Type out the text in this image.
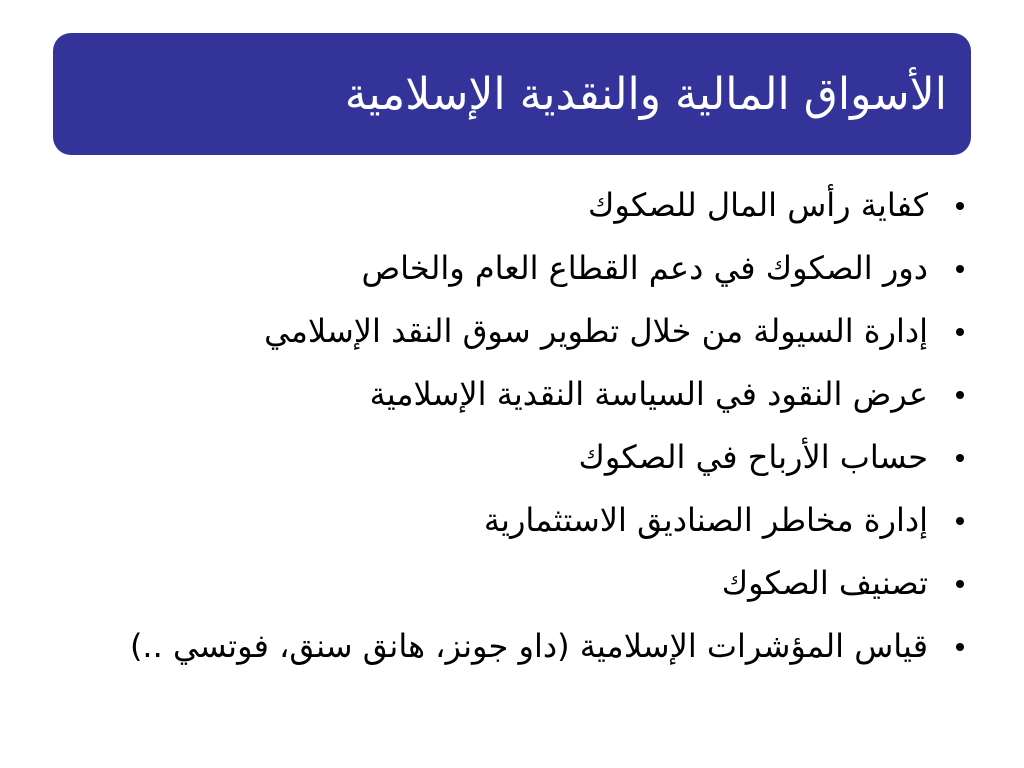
الأسواق المالية والنقدية الإسلامية
كفاية رأس المال للصكوك
دور الصكوك في دعم القطاع العام والخاص
إدارة السيولة من خلال تطوير سوق النقد الإسلامي
عرض النقود في السياسة النقدية الإسلامية
حساب الأرباح في الصكوك
إدارة مخاطر الصناديق الاستثمارية
تصنيف الصكوك
قياس المؤشرات الإسلامية (داو جونز، هانق سنق، فوتسي ..)
